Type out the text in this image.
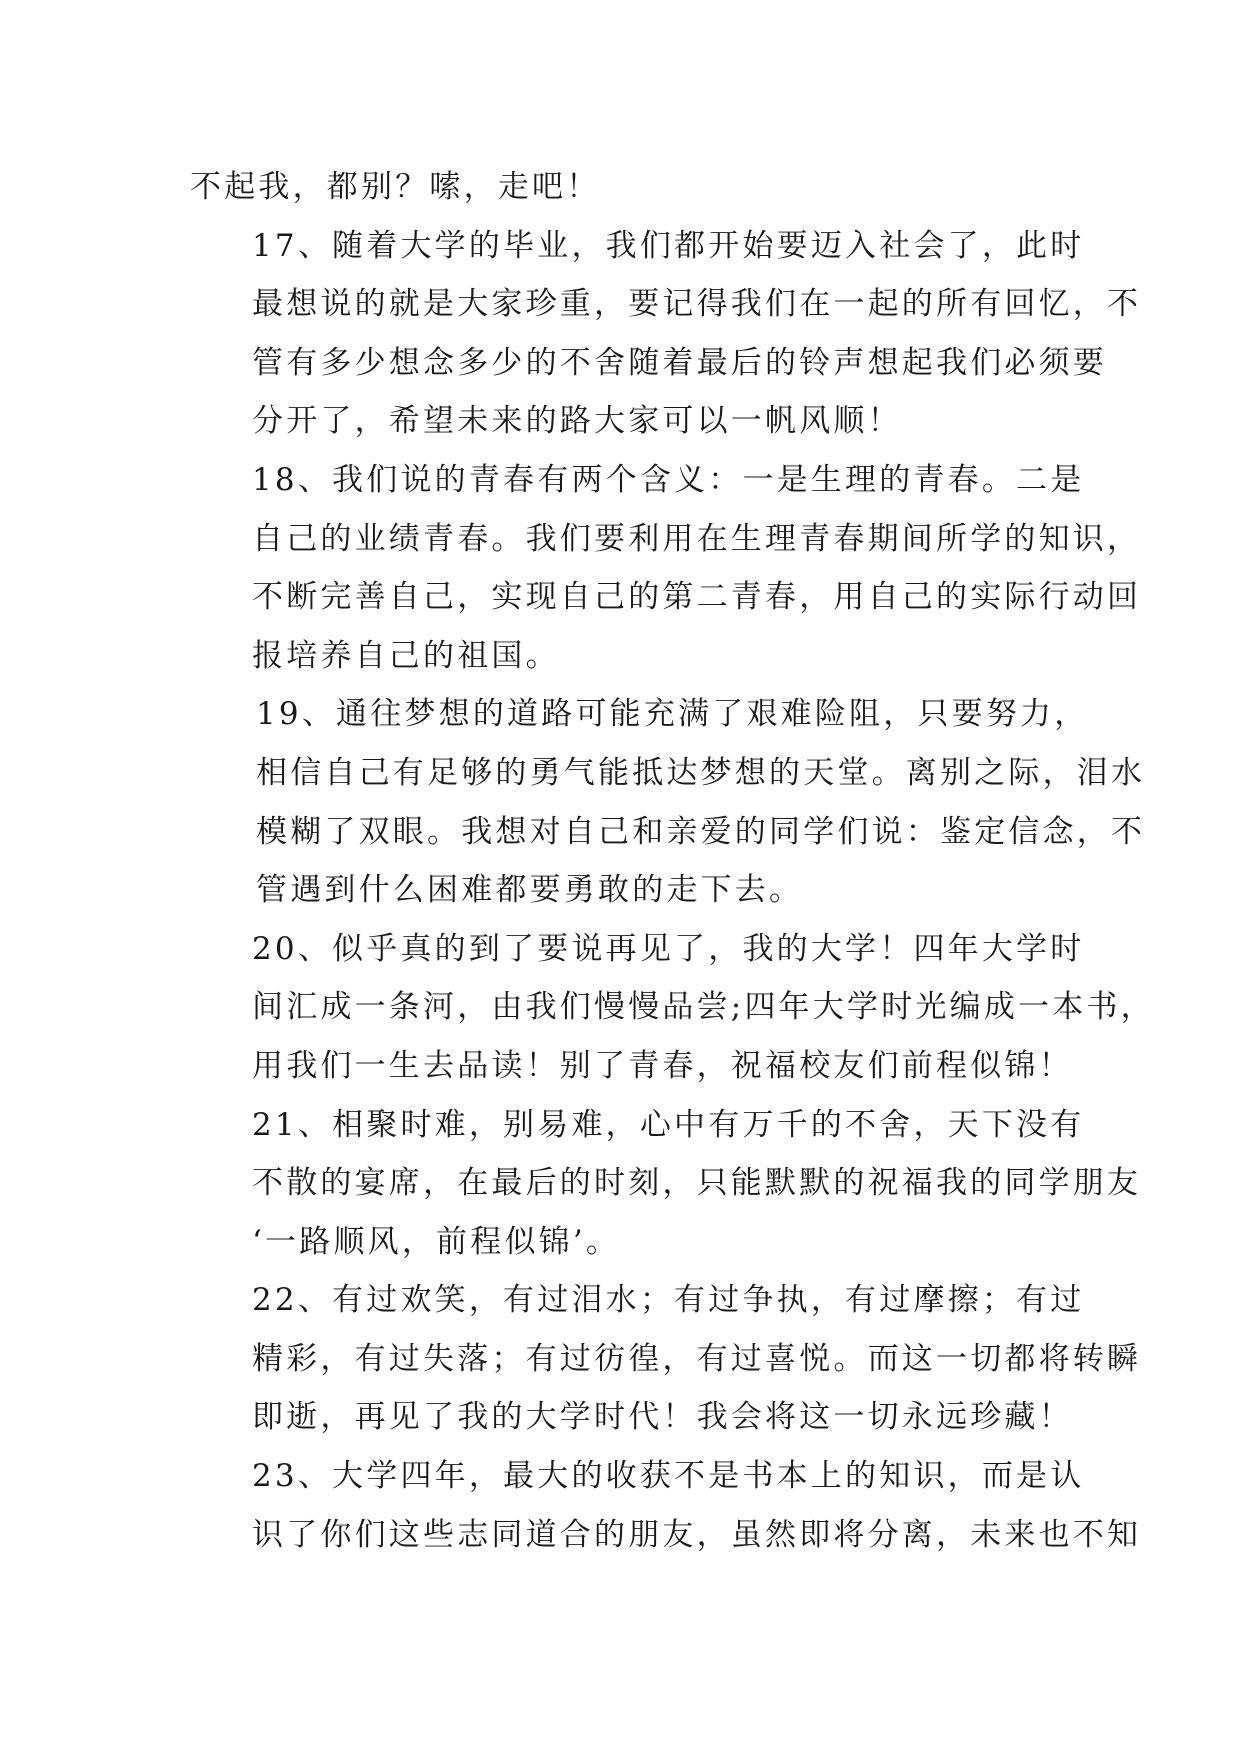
不起我，都别？嗦，走吧！

17、随着大学的毕业，我们都开始要迈入社会了，此时
最想说的就是大家珍重，要记得我们在一起的所有回忆，不
管有多少想念多少的不舍随着最后的铃声想起我们必须要
分开了，希望未来的路大家可以一帆风顺！

18、我们说的青春有两个含义：一是生理的青春。二是
自己的业绩青春。我们要利用在生理青春期间所学的知识，
不断完善自己，实现自己的第二青春，用自己的实际行动回
报培养自己的祖国。

19、通往梦想的道路可能充满了艰难险阻，只要努力，
相信自己有足够的勇气能抵达梦想的天堂。离别之际，泪水
模糊了双眼。我想对自己和亲爱的同学们说：鉴定信念，不
管遇到什么困难都要勇敢的走下去。

20、似乎真的到了要说再见了，我的大学！四年大学时
间汇成一条河，由我们慢慢品尝;四年大学时光编成一本书，
用我们一生去品读！别了青春，祝福校友们前程似锦！

21、相聚时难，别易难，心中有万千的不舍，天下没有
不散的宴席，在最后的时刻，只能默默的祝福我的同学朋友
‘一路顺风，前程似锦’。

22、有过欢笑，有过泪水；有过争执，有过摩擦；有过
精彩，有过失落；有过彷徨，有过喜悦。而这一切都将转瞬
即逝，再见了我的大学时代！我会将这一切永远珍藏！

23、大学四年，最大的收获不是书本上的知识，而是认
识了你们这些志同道合的朋友，虽然即将分离，未来也不知
